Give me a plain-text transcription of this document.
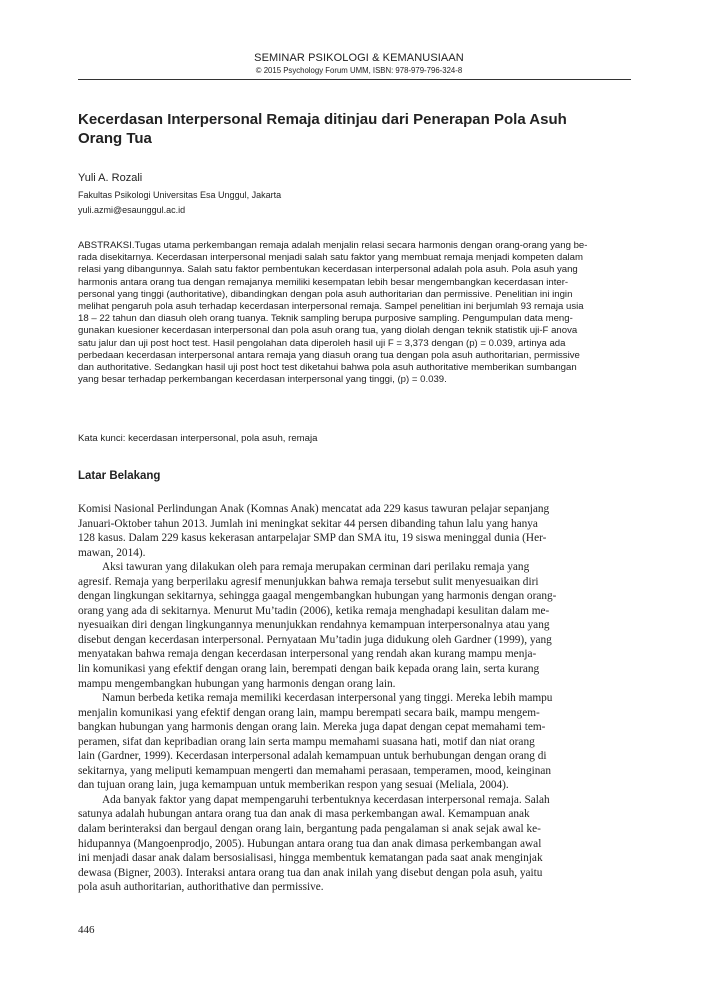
SEMINAR PSIKOLOGI & KEMANUSIAAN
© 2015 Psychology Forum UMM, ISBN: 978-979-796-324-8
Kecerdasan Interpersonal Remaja ditinjau dari Penerapan Pola Asuh
Orang Tua
Yuli A. Rozali
Fakultas Psikologi Universitas Esa Unggul, Jakarta
yuli.azmi@esaunggul.ac.id
ABSTRAKSI.Tugas utama perkembangan remaja adalah menjalin relasi secara harmonis dengan orang-orang yang be-
rada disekitarnya. Kecerdasan interpersonal menjadi salah satu faktor yang membuat remaja menjadi kompeten dalam
relasi yang dibangunnya. Salah satu faktor pembentukan kecerdasan interpersonal adalah pola asuh. Pola asuh yang
harmonis antara orang tua dengan remajanya memiliki kesempatan lebih besar mengembangkan kecerdasan inter-
personal yang tinggi (authoritative), dibandingkan dengan pola asuh authoritarian dan permissive. Penelitian ini ingin
melihat pengaruh pola asuh terhadap kecerdasan interpersonal remaja. Sampel penelitian ini berjumlah 93 remaja usia
18 – 22 tahun dan diasuh oleh orang tuanya. Teknik sampling berupa purposive sampling. Pengumpulan data meng-
gunakan kuesioner kecerdasan interpersonal dan pola asuh orang tua, yang diolah dengan teknik statistik uji-F anova
satu jalur dan uji post hoct test. Hasil pengolahan data diperoleh hasil uji F = 3,373 dengan (p) = 0.039, artinya ada
perbedaan kecerdasan interpersonal antara remaja yang diasuh orang tua dengan pola asuh authoritarian, permissive
dan authoritative. Sedangkan hasil uji post hoct test diketahui bahwa pola asuh authoritative memberikan sumbangan
yang besar terhadap perkembangan kecerdasan interpersonal yang tinggi, (p) = 0.039.
Kata kunci: kecerdasan interpersonal, pola asuh, remaja
Latar Belakang
Komisi Nasional Perlindungan Anak (Komnas Anak) mencatat ada 229 kasus tawuran pelajar sepanjang
Januari-Oktober tahun 2013. Jumlah ini meningkat sekitar 44 persen dibanding tahun lalu yang hanya
128 kasus. Dalam 229 kasus kekerasan antarpelajar SMP dan SMA itu, 19 siswa meninggal dunia (Her-
mawan, 2014).
Aksi tawuran yang dilakukan oleh para remaja merupakan cerminan dari perilaku remaja yang
agresif. Remaja yang berperilaku agresif menunjukkan bahwa remaja tersebut sulit menyesuaikan diri
dengan lingkungan sekitarnya, sehingga gaagal mengembangkan hubungan yang harmonis dengan orang-
orang yang ada di sekitarnya. Menurut Mu’tadin (2006), ketika remaja menghadapi kesulitan dalam me-
nyesuaikan diri dengan lingkungannya menunjukkan rendahnya kemampuan interpersonalnya atau yang
disebut dengan kecerdasan interpersonal. Pernyataan Mu’tadin juga didukung oleh Gardner (1999), yang
menyatakan bahwa remaja dengan kecerdasan interpersonal yang rendah akan kurang mampu menja-
lin komunikasi yang efektif dengan orang lain, berempati dengan baik kepada orang lain, serta kurang
mampu mengembangkan hubungan yang harmonis dengan orang lain.
Namun berbeda ketika remaja memiliki kecerdasan interpersonal yang tinggi. Mereka lebih mampu
menjalin komunikasi yang efektif dengan orang lain, mampu berempati secara baik, mampu mengem-
bangkan hubungan yang harmonis dengan orang lain. Mereka juga dapat dengan cepat memahami tem-
peramen, sifat dan kepribadian orang lain serta mampu memahami suasana hati, motif dan niat orang
lain (Gardner, 1999). Kecerdasan interpersonal adalah kemampuan untuk berhubungan dengan orang di
sekitarnya, yang meliputi kemampuan mengerti dan memahami perasaan, temperamen, mood, keinginan
dan tujuan orang lain, juga kemampuan untuk memberikan respon yang sesuai (Meliala, 2004).
Ada banyak faktor yang dapat mempengaruhi terbentuknya kecerdasan interpersonal remaja. Salah
satunya adalah hubungan antara orang tua dan anak di masa perkembangan awal. Kemampuan anak
dalam berinteraksi dan bergaul dengan orang lain, bergantung pada pengalaman si anak sejak awal ke-
hidupannya (Mangoenprodjo, 2005). Hubungan antara orang tua dan anak dimasa perkembangan awal
ini menjadi dasar anak dalam bersosialisasi, hingga membentuk kematangan pada saat anak menginjak
dewasa (Bigner, 2003). Interaksi antara orang tua dan anak inilah yang disebut dengan pola asuh, yaitu
pola asuh authoritarian, authorithative dan permissive.
446
